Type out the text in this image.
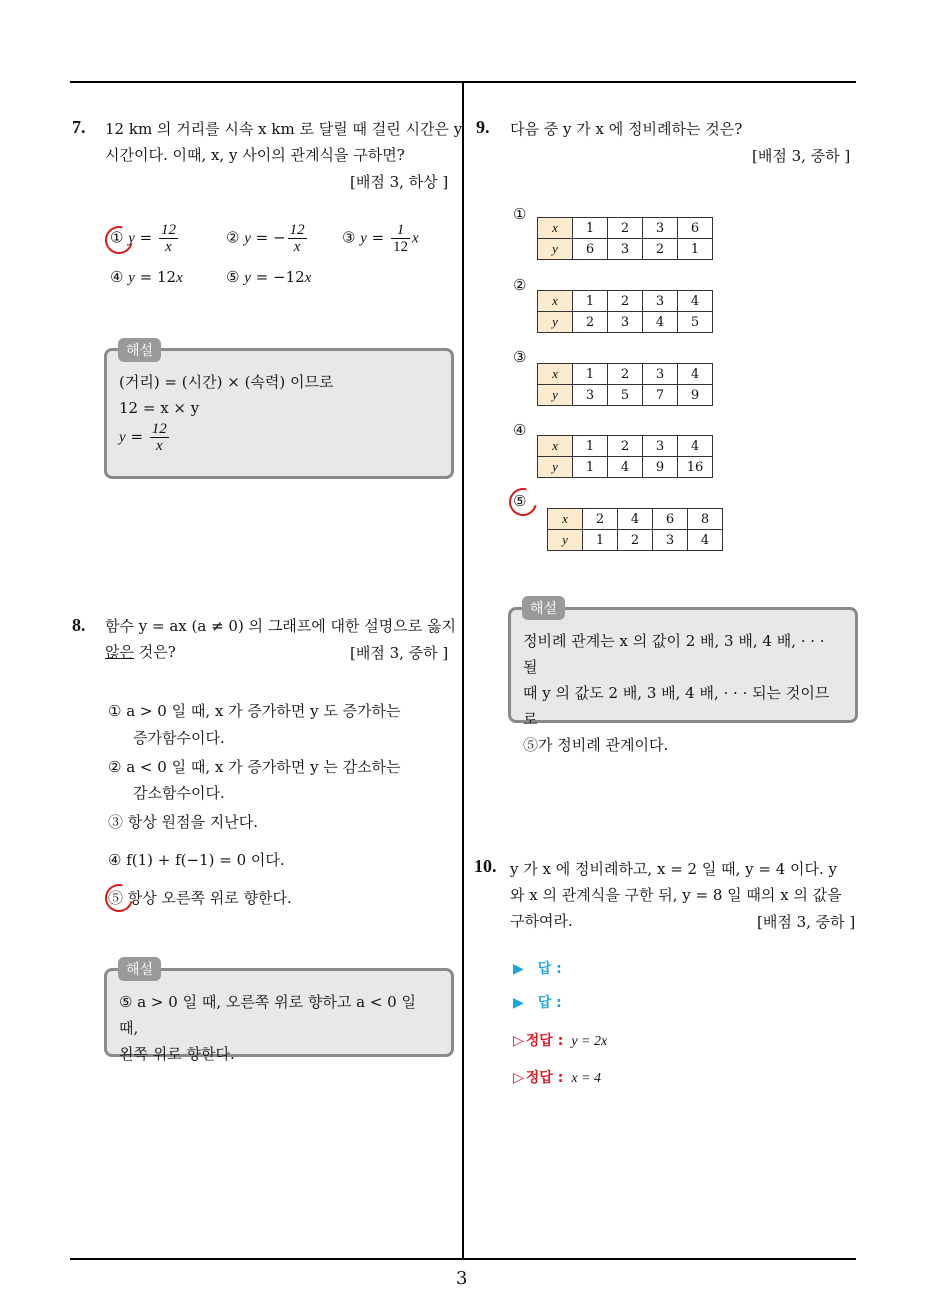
7. 12 km 의 거리를 시속 x km 로 달릴 때 걸린 시간은 y
시간이다. 이때, x, y 사이의 관계식을 구하면?
[배점 3, 하상 ]
① $y = \frac{12}{x}$	② y = − $\frac{12}{x}$ ③ $y = \frac{1}{12}$ x
④ y = 12x	⑤ y = −12x
(거리) = (시간) × (속력) 이므로
12 = x × y
$y = \frac{12}{x}$
해설
8. 함수 y = ax (a ≠ 0) 의 그래프에 대한 설명으로 옳지
않은 것은?	[배점 3, 중하 ]
① a > 0 일 때, x 가 증가하면 y 도 증가하는
증가함수이다.
② a < 0 일 때, x 가 증가하면 y 는 감소하는
감소함수이다.
③ 항상 원점을 지난다.
④ f(1) + f(−1) = 0 이다.
⑤ 항상 오른쪽 위로 향한다.
⑤ a > 0 일 때, 오른쪽 위로 향하고 a < 0 일 때,
왼쪽 위로 향한다.
해설
9. 다음 중 y 가 x 에 정비례하는 것은?
[배점 3, 중하 ]
①
x	1	2	3	6
y	6	3	2	1
②
x	1	2	3	4
y	2	3	4	5
③
x	1	2	3	4
y	3	5	7	9
④
x	1	2	3	4
y	1	4	9	16
⑤
x	2	4	6	8
y	1	2	3	4
정비례 관계는 x 의 값이 2 배, 3 배, 4 배, · · · 될
때 y 의 값도 2 배, 3 배, 4 배, · · · 되는 것이므로
⑤가 정비례 관계이다.
해설
10. y 가 x 에 정비례하고, x = 2 일 때, y = 4 이다. y
와 x 의 관계식을 구한 뒤, y = 8 일 때의 x 의 값을
구하여라.	[배점 3, 중하 ]
▶ 답 :
▶ 답 :
▷ 정답 : y = 2x
▷ 정답 : x = 4
3
